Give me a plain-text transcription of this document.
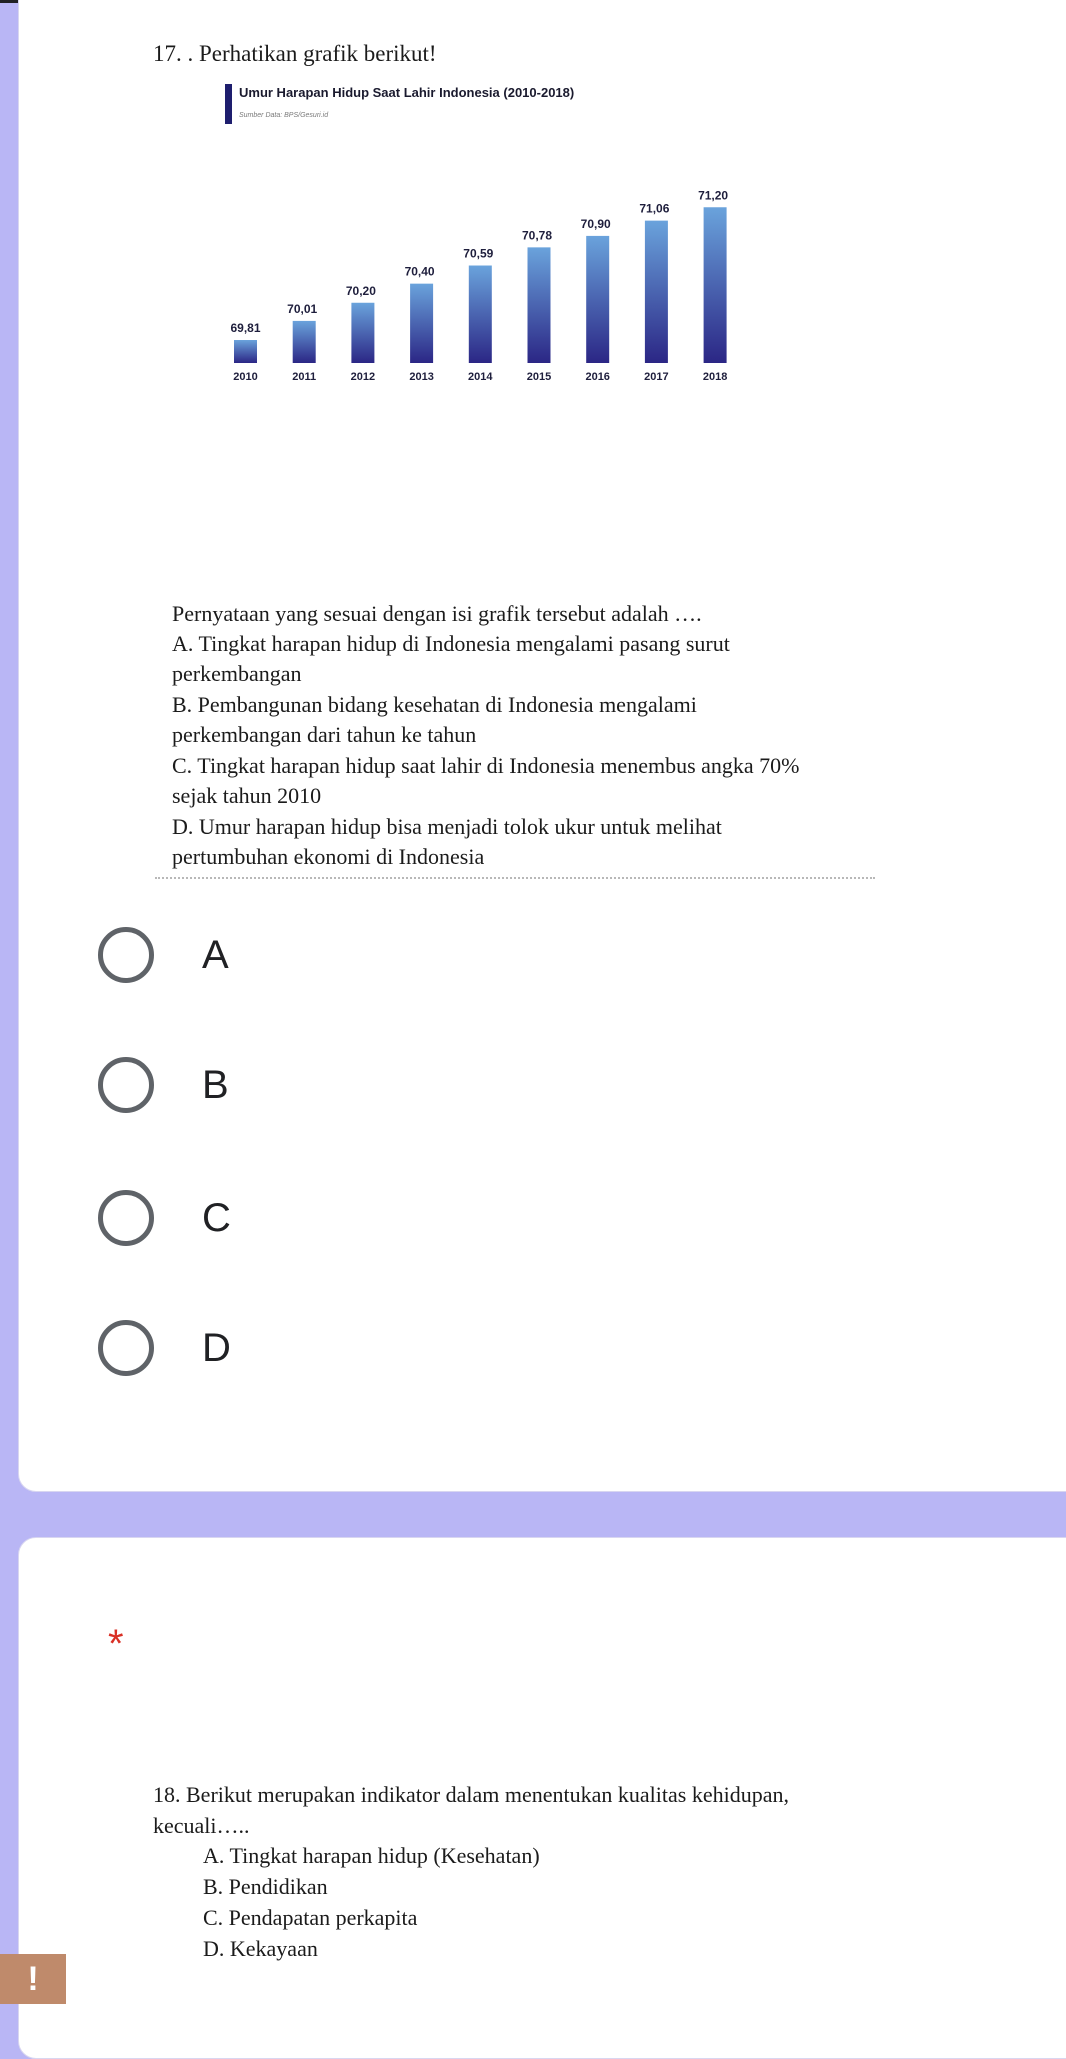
17. . Perhatikan grafik berikut!
Umur Harapan Hidup Saat Lahir Indonesia (2010-2018)
Sumber Data: BPS/Gesuri.id
69,81
2010
70,01
2011
70,20
2012
70,40
2013
70,59
2014
70,78
2015
70,90
2016
71,06
2017
71,20
2018
Pernyataan yang sesuai dengan isi grafik tersebut adalah ….
A. Tingkat harapan hidup di Indonesia mengalami pasang surut
perkembangan
B. Pembangunan bidang kesehatan di Indonesia mengalami
perkembangan dari tahun ke tahun
C. Tingkat harapan hidup saat lahir di Indonesia menembus angka 70%
sejak tahun 2010
D. Umur harapan hidup bisa menjadi tolok ukur untuk melihat
pertumbuhan ekonomi di Indonesia
A
B
C
D
*
18. Berikut merupakan indikator dalam menentukan kualitas kehidupan,
kecuali…..
A. Tingkat harapan hidup (Kesehatan)
B. Pendidikan
C. Pendapatan perkapita
D. Kekayaan
!
